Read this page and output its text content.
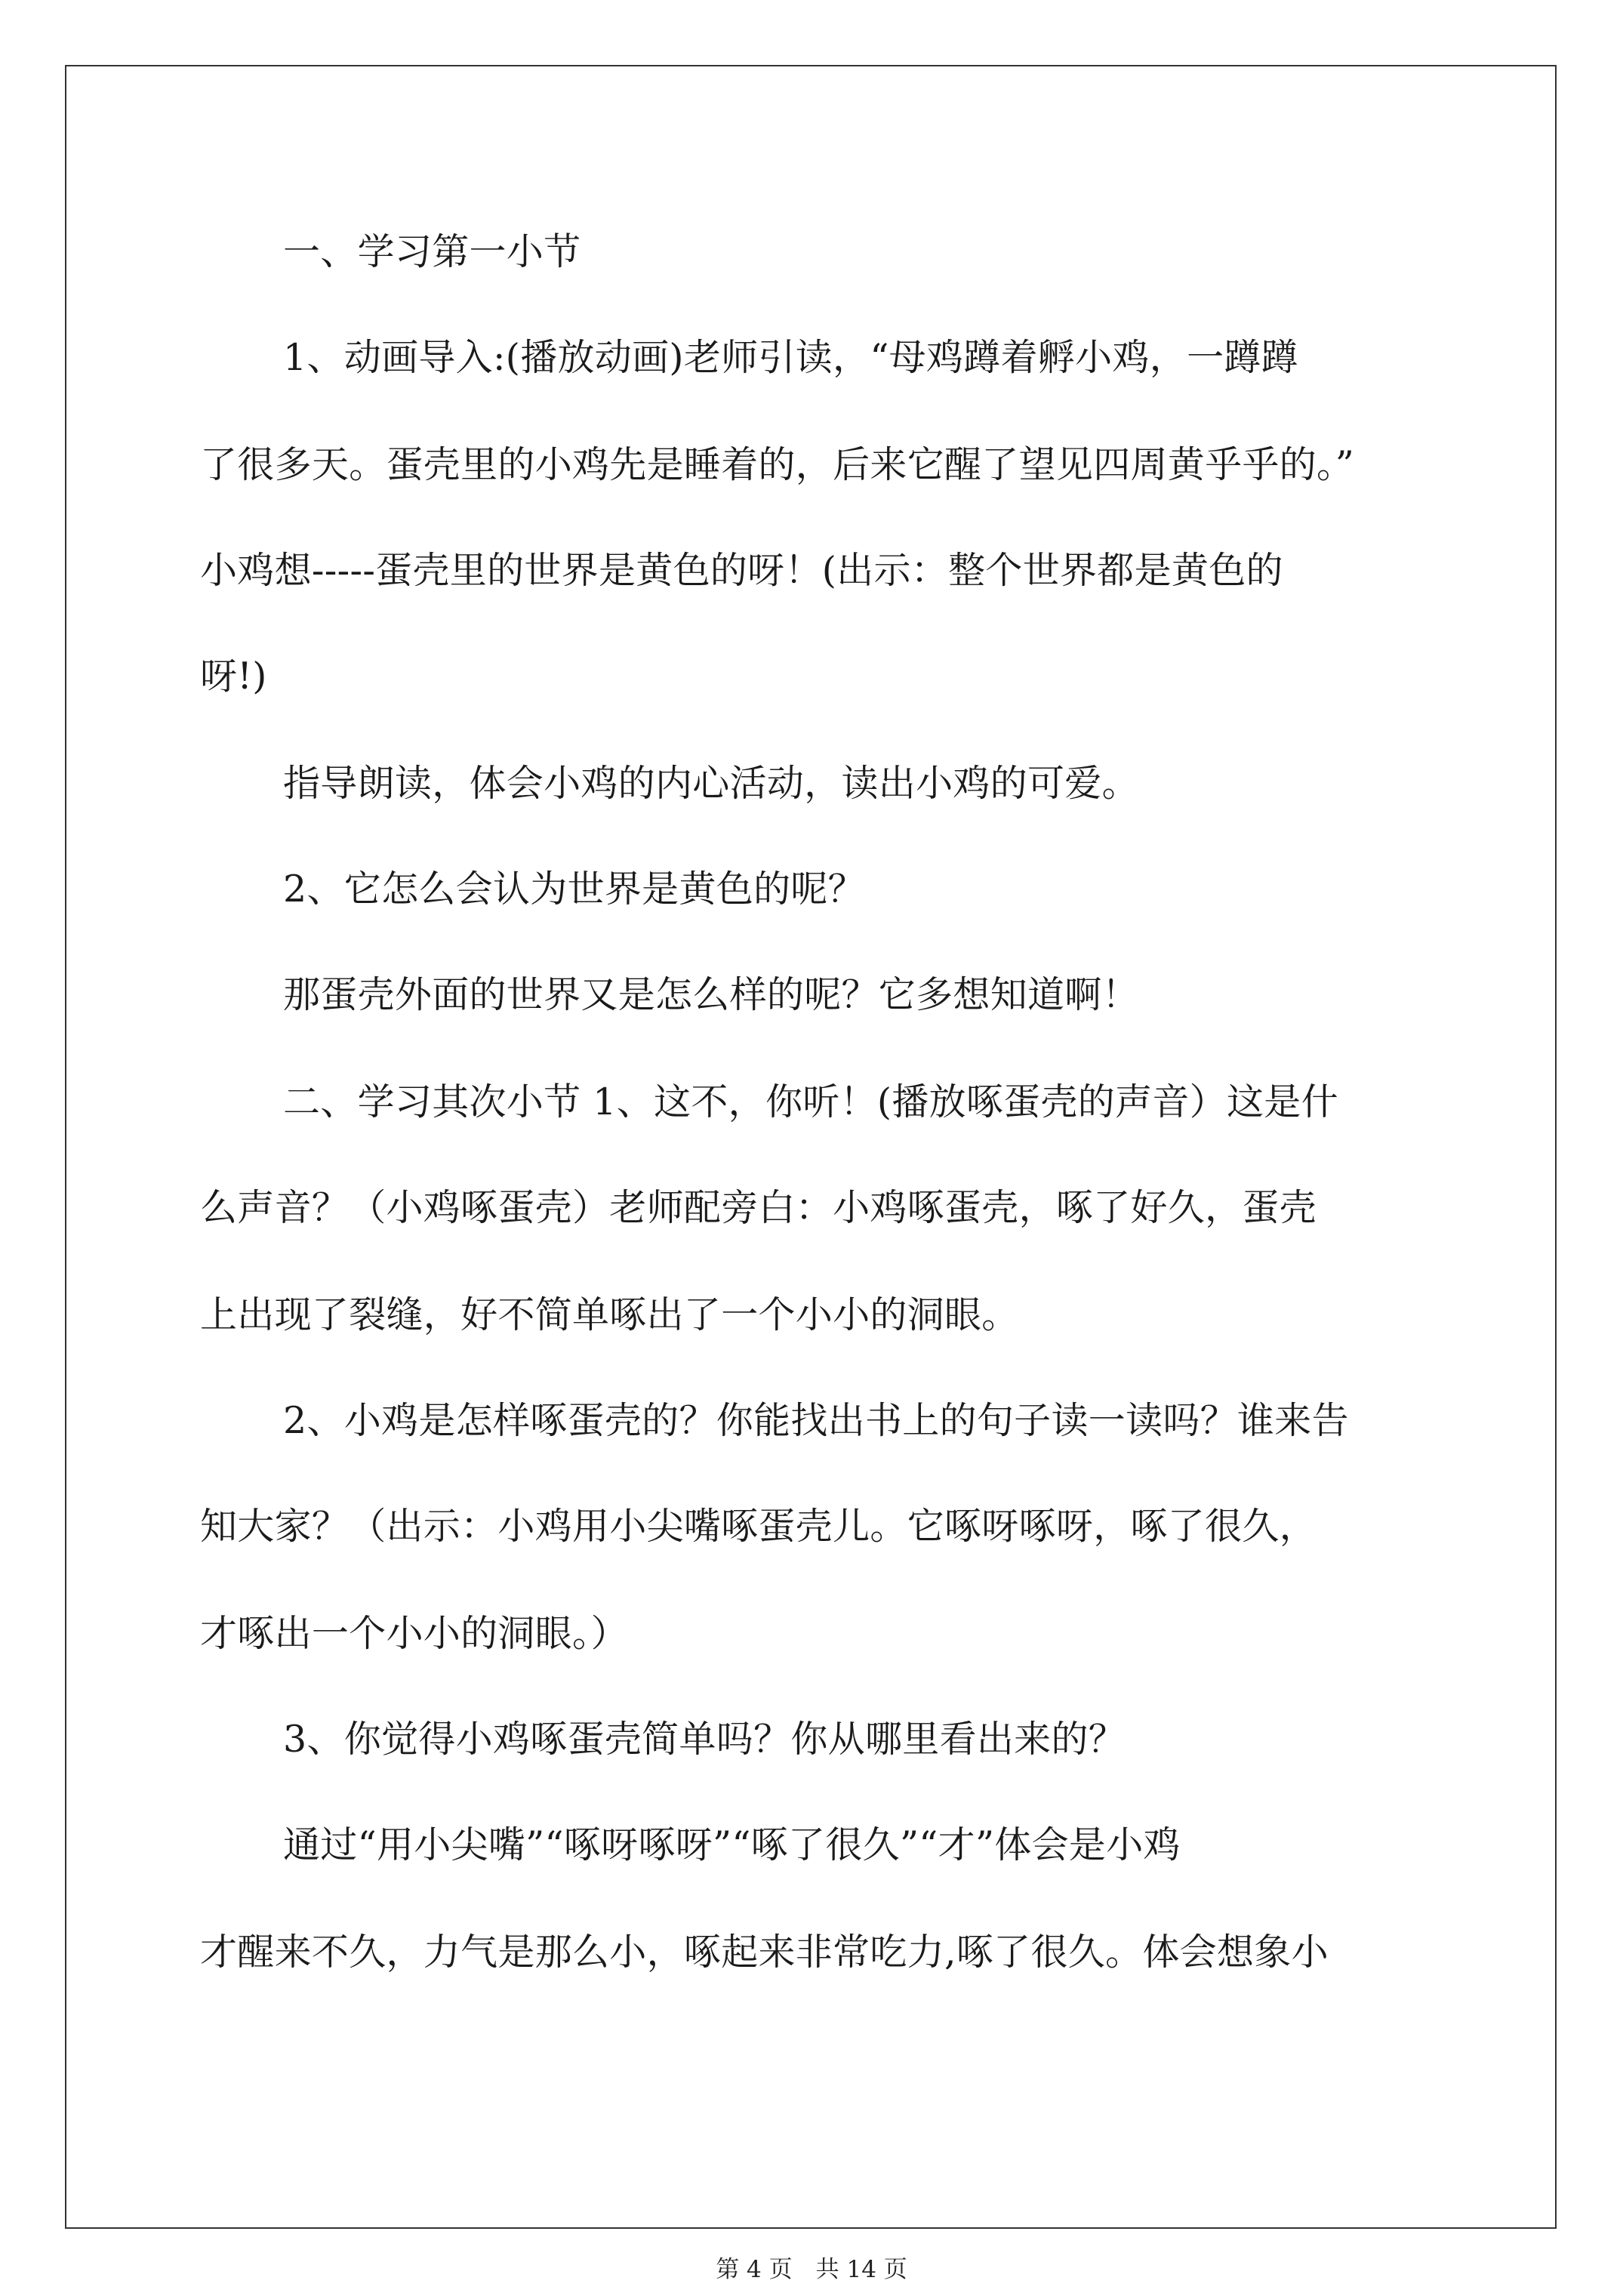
一、学习第一小节
1、动画导入:(播放动画)老师引读，“母鸡蹲着孵小鸡，一蹲蹲
了很多天。蛋壳里的小鸡先是睡着的，后来它醒了望见四周黄乎乎的。”
小鸡想-----蛋壳里的世界是黄色的呀！(出示：整个世界都是黄色的
呀!)
指导朗读，体会小鸡的内心活动，读出小鸡的可爱。
2、它怎么会认为世界是黄色的呢？
那蛋壳外面的世界又是怎么样的呢？它多想知道啊！
二、学习其次小节 1、这不，你听！(播放啄蛋壳的声音）这是什
么声音？（小鸡啄蛋壳）老师配旁白：小鸡啄蛋壳，啄了好久，蛋壳
上出现了裂缝，好不简单啄出了一个小小的洞眼。
2、小鸡是怎样啄蛋壳的？你能找出书上的句子读一读吗？谁来告
知大家？（出示：小鸡用小尖嘴啄蛋壳儿。它啄呀啄呀，啄了很久，
才啄出一个小小的洞眼。）
3、你觉得小鸡啄蛋壳简单吗？你从哪里看出来的？
通过“用小尖嘴”“啄呀啄呀”“啄了很久”“才”体会是小鸡
才醒来不久，力气是那么小，啄起来非常吃力,啄了很久。体会想象小
第 4 页　共 14 页
